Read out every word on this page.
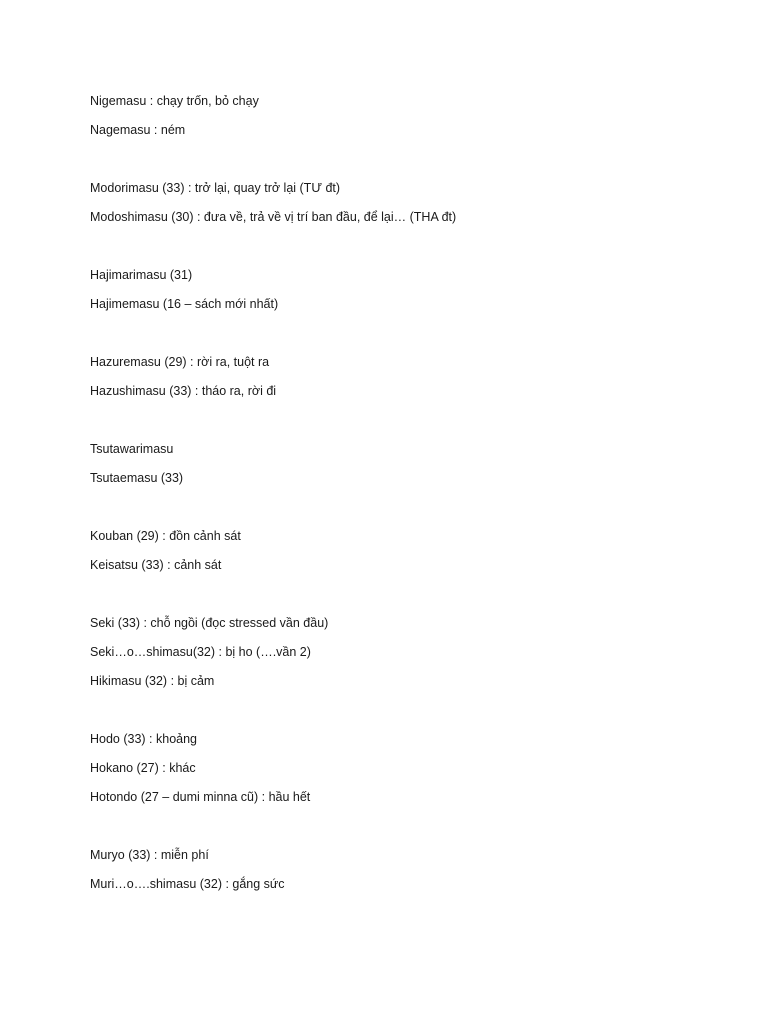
Nigemasu : chạy trốn, bỏ chạy
Nagemasu : ném
Modorimasu (33) : trở lại, quay trở lại (TƯ đt)
Modoshimasu (30) : đưa về, trả về vị trí ban đầu, để lại… (THA đt)
Hajimarimasu (31)
Hajimemasu (16 – sách mới nhất)
Hazuremasu (29) : rời ra, tuột ra
Hazushimasu (33) : tháo ra, rời đi
Tsutawarimasu
Tsutaemasu (33)
Kouban (29) : đồn cảnh sát
Keisatsu (33) : cảnh sát
Seki (33) : chỗ ngồi (đọc stressed vần đầu)
Seki…o…shimasu(32) : bị ho (….vần 2)
Hikimasu (32) : bị cảm
Hodo (33) : khoảng
Hokano (27) : khác
Hotondo (27 – dumi minna cũ) : hầu hết
Muryo (33) : miễn phí
Muri…o….shimasu (32) : gắng sức
